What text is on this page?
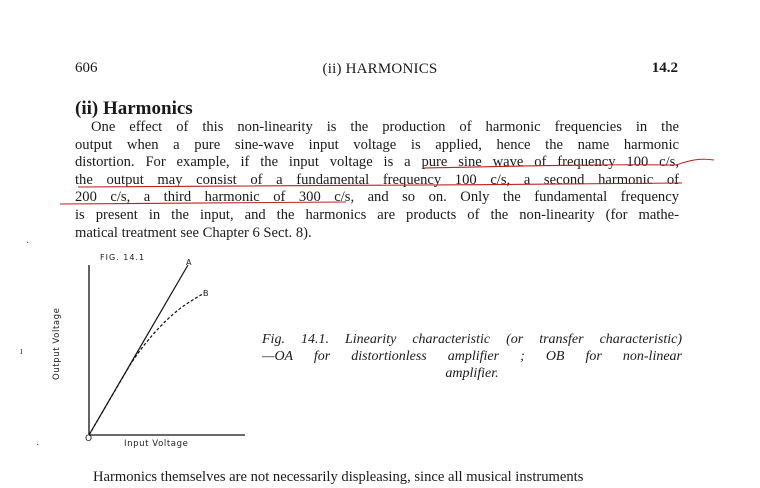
606	(ii) HARMONICS	14.2
(ii) Harmonics
One effect of this non-linearity is the production of harmonic frequencies in the
output when a pure sine-wave input voltage is applied, hence the name harmonic
distortion. For example, if the input voltage is a pure sine wave of frequency 100 c/s,
the output may consist of a fundamental frequency 100 c/s, a second harmonic of
200 c/s, a third harmonic of 300 c/s, and so on. Only the fundamental frequency
is present in the input, and the harmonics are products of the non-linearity (for mathe-
matical treatment see Chapter 6 Sect. 8).
FIG. 14.1
A
B
O
Output Voltage
Input Voltage
Fig. 14.1. Linearity characteristic (or transfer characteristic)
—OA for distortionless amplifier ; OB for non-linear
amplifier.
Harmonics themselves are not necessarily displeasing, since all musical instruments
·
ı
·
